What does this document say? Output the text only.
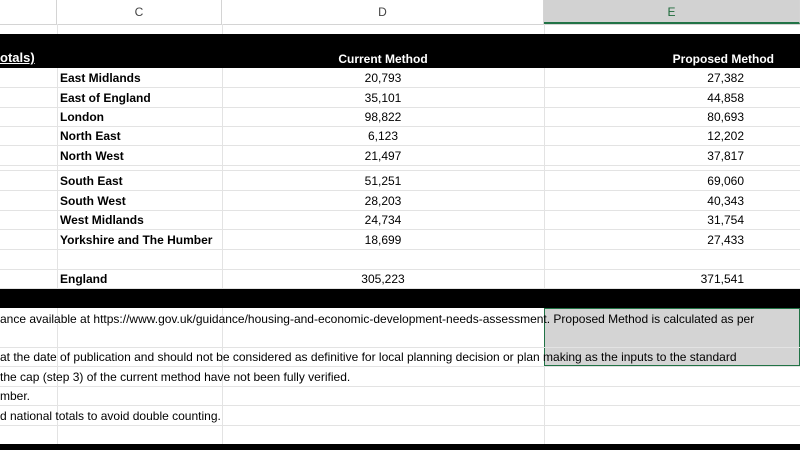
C	D	E
otals)	Current Method	Proposed Method
East Midlands	20,793	27,382
East of England	35,101	44,858
London	98,822	80,693
North East	6,123	12,202
North West	21,497	37,817
South East	51,251	69,060
South West	28,203	40,343
West Midlands	24,734	31,754
Yorkshire and The Humber	18,699	27,433
England	305,223	371,541
ance available at https://www.gov.uk/guidance/housing-and-economic-development-needs-assessment. Proposed Method is calculated as per
at the date of publication and should not be considered as definitive for local planning decision or plan making as the inputs to the standard
the cap (step 3) of the current method have not been fully verified.
mber.
d national totals to avoid double counting.
